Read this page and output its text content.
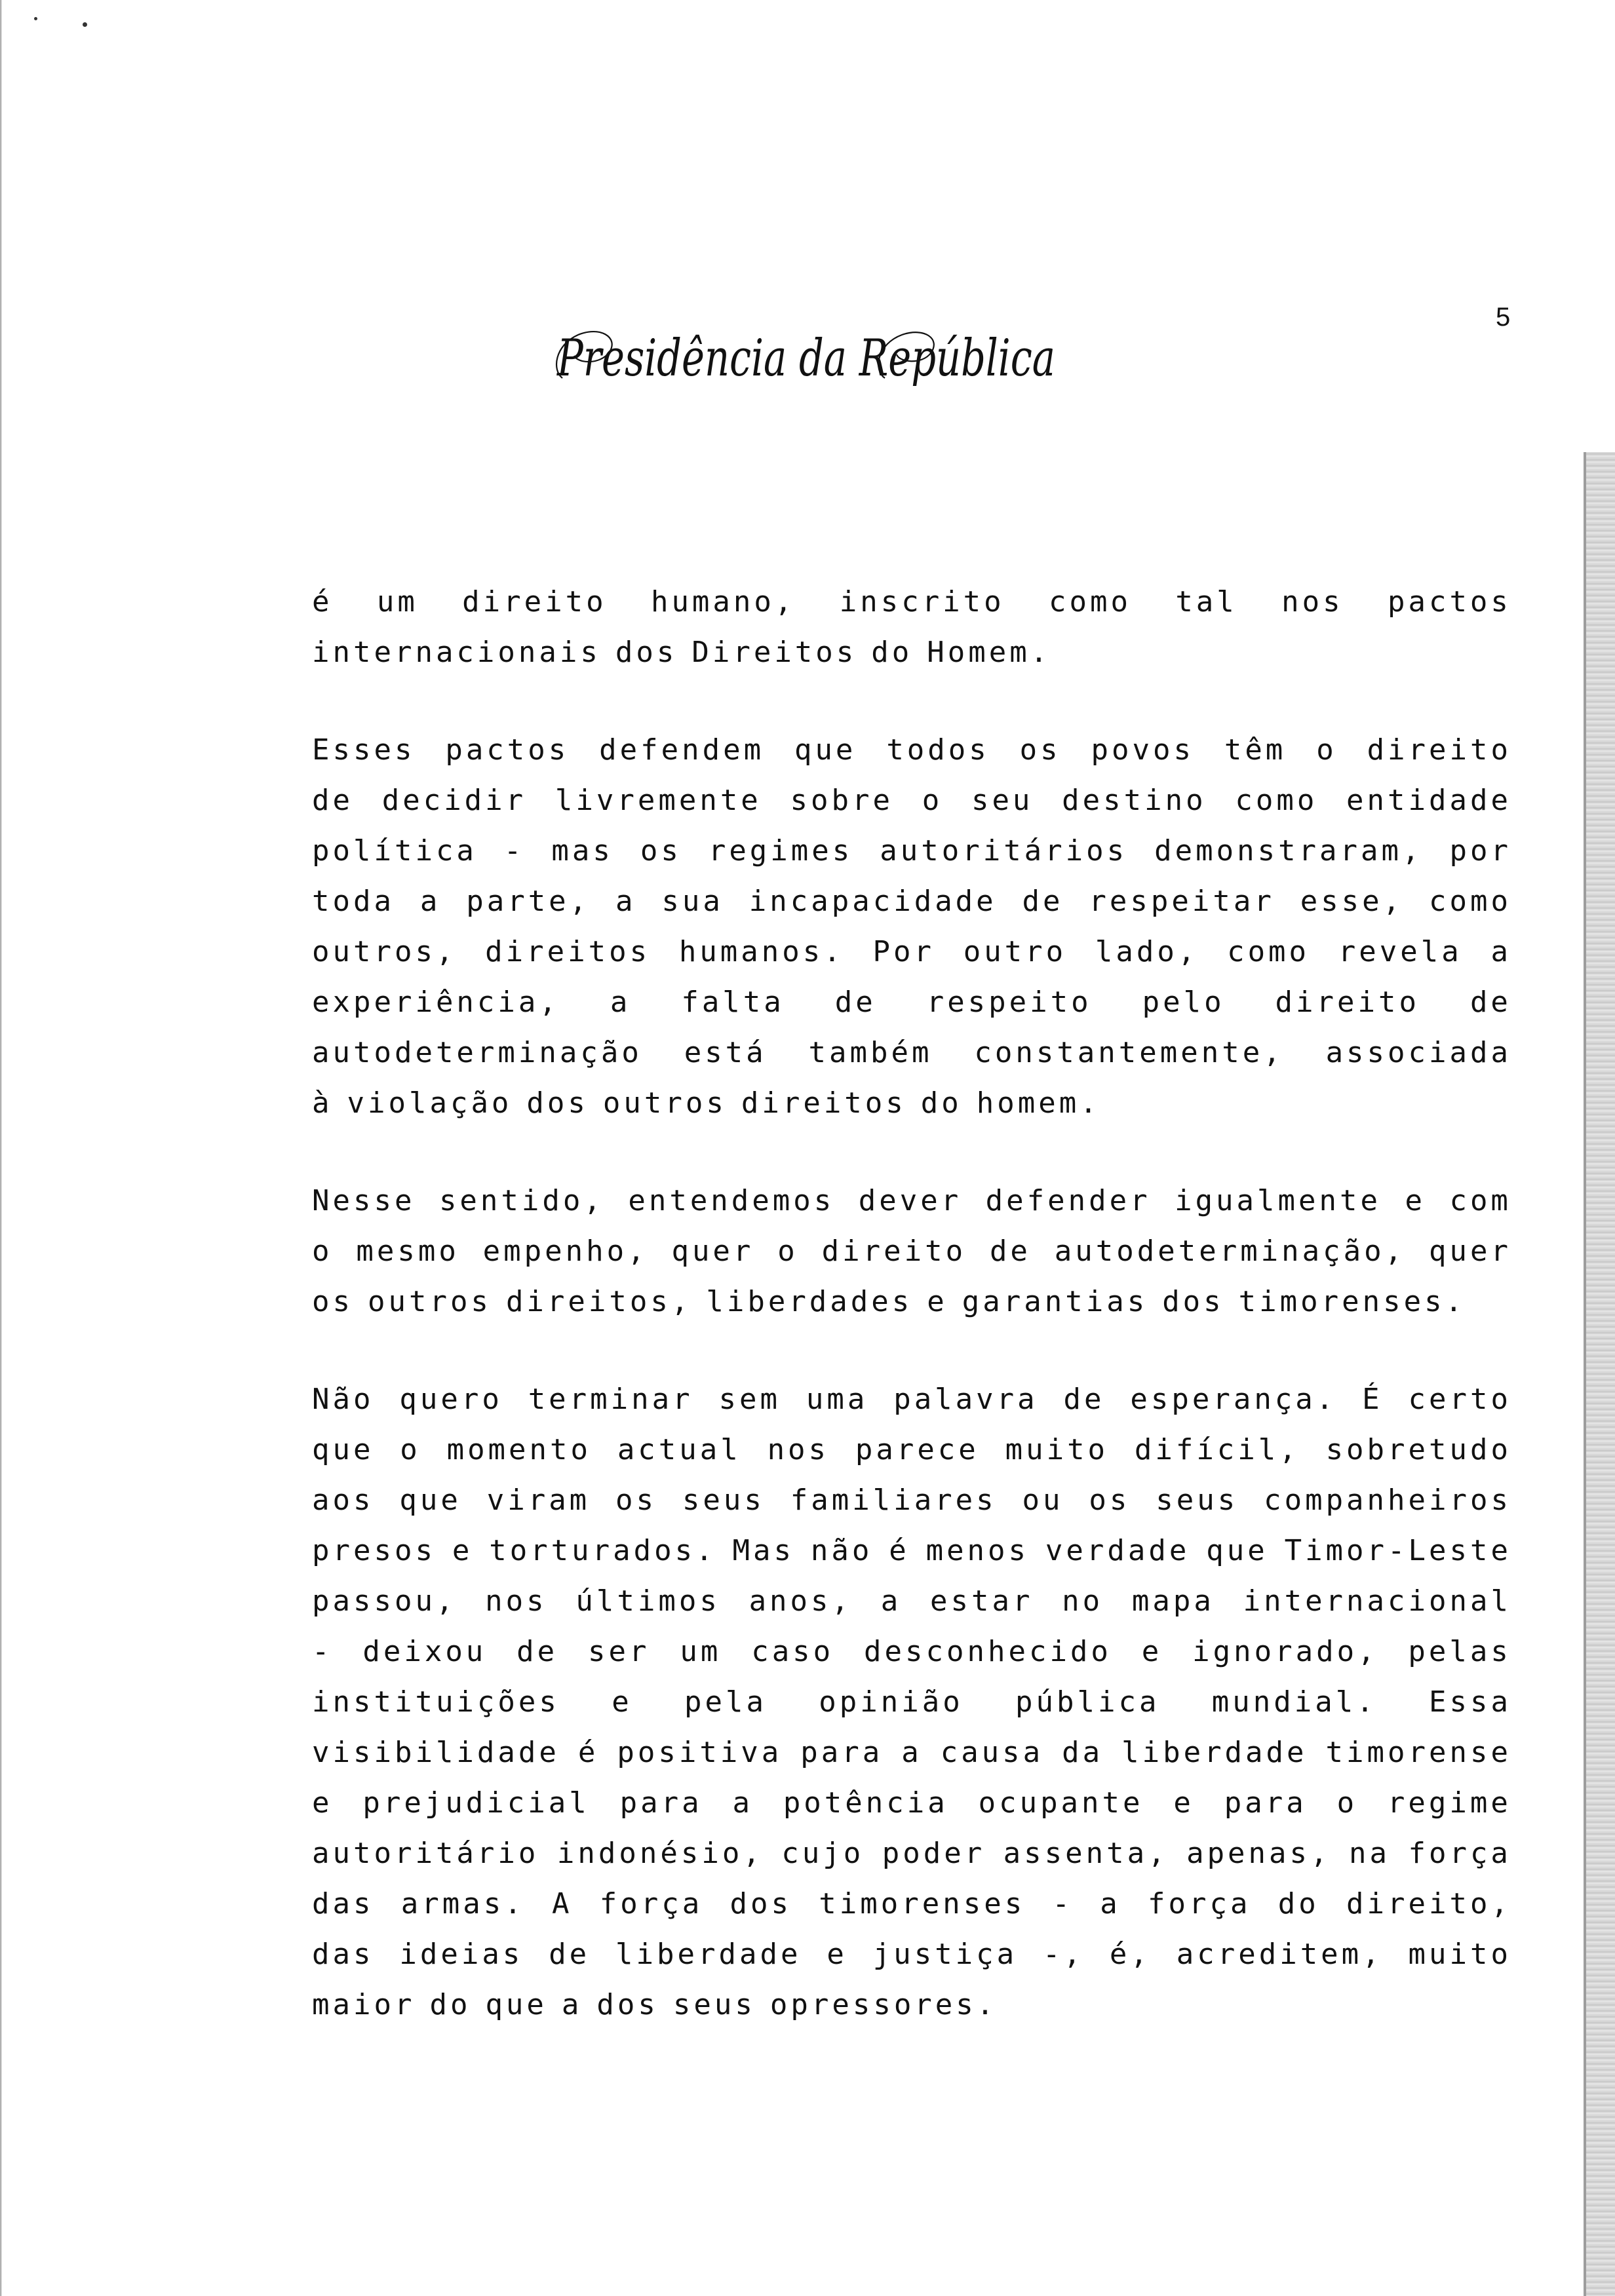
Presidência da República
5
é um direito humano, inscrito como tal nos pactos
internacionais dos Direitos do Homem.
Esses pactos defendem que todos os povos têm o direito
de decidir livremente sobre o seu destino como entidade
política - mas os regimes autoritários demonstraram, por
toda a parte, a sua incapacidade de respeitar esse, como
outros, direitos humanos. Por outro lado, como revela a
experiência, a falta de respeito pelo direito de
autodeterminação está também constantemente, associada
à violação dos outros direitos do homem.
Nesse sentido, entendemos dever defender igualmente e com
o mesmo empenho, quer o direito de autodeterminação, quer
os outros direitos, liberdades e garantias dos timorenses.
Não quero terminar sem uma palavra de esperança. É certo
que o momento actual nos parece muito difícil, sobretudo
aos que viram os seus familiares ou os seus companheiros
presos e torturados. Mas não é menos verdade que Timor-Leste
passou, nos últimos anos, a estar no mapa internacional
- deixou de ser um caso desconhecido e ignorado, pelas
instituições e pela opinião pública mundial. Essa
visibilidade é positiva para a causa da liberdade timorense
e prejudicial para a potência ocupante e para o regime
autoritário indonésio, cujo poder assenta, apenas, na força
das armas. A força dos timorenses - a força do direito,
das ideias de liberdade e justiça -, é, acreditem, muito
maior do que a dos seus opressores.
